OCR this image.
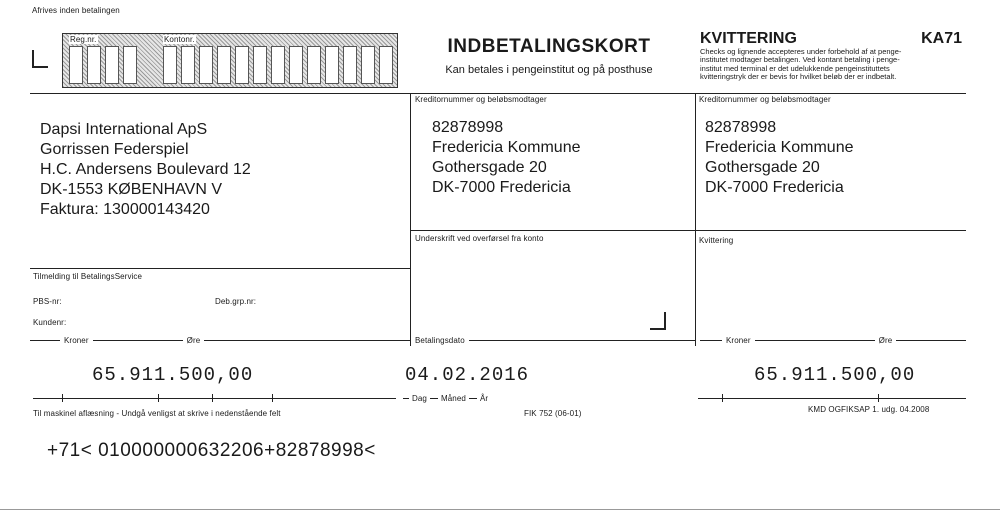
Afrives inden betalingen
Reg.nr.	Kontonr.	INDBETALINGSKORT
Kan betales i pengeinstitut og på posthuse
KVITTERING	KA71
Checks og lignende accepteres under forbehold af at penge-
institutet modtager betalingen. Ved kontant betaling i penge-
institut med terminal er det udelukkende pengeinstituttets
kvitteringstryk der er bevis for hvilket beløb der er indbetalt.
Dapsi International ApS
Gorrissen Federspiel
H.C. Andersens Boulevard 12
DK-1553 KØBENHAVN V
Faktura: 130000143420
Kreditornummer og beløbsmodtager
82878998
Fredericia Kommune
Gothersgade 20
DK-7000 Fredericia
Kreditornummer og beløbsmodtager
82878998
Fredericia Kommune
Gothersgade 20
DK-7000 Fredericia
Underskrift ved overførsel fra konto	Kvittering
Tilmelding til BetalingsService
PBS-nr:	Deb.grp.nr:
Kundenr:
Kroner	Øre	Betalingsdato	Kroner	Øre
65.911.500,00	04.02.2016	65.911.500,00
Dag Måned År
Til maskinel aflæsning - Undgå venligst at skrive i nedenstående felt	FIK 752 (06-01)	KMD OGFIKSAP 1. udg. 04.2008
+71< 010000000632206+82878998<
